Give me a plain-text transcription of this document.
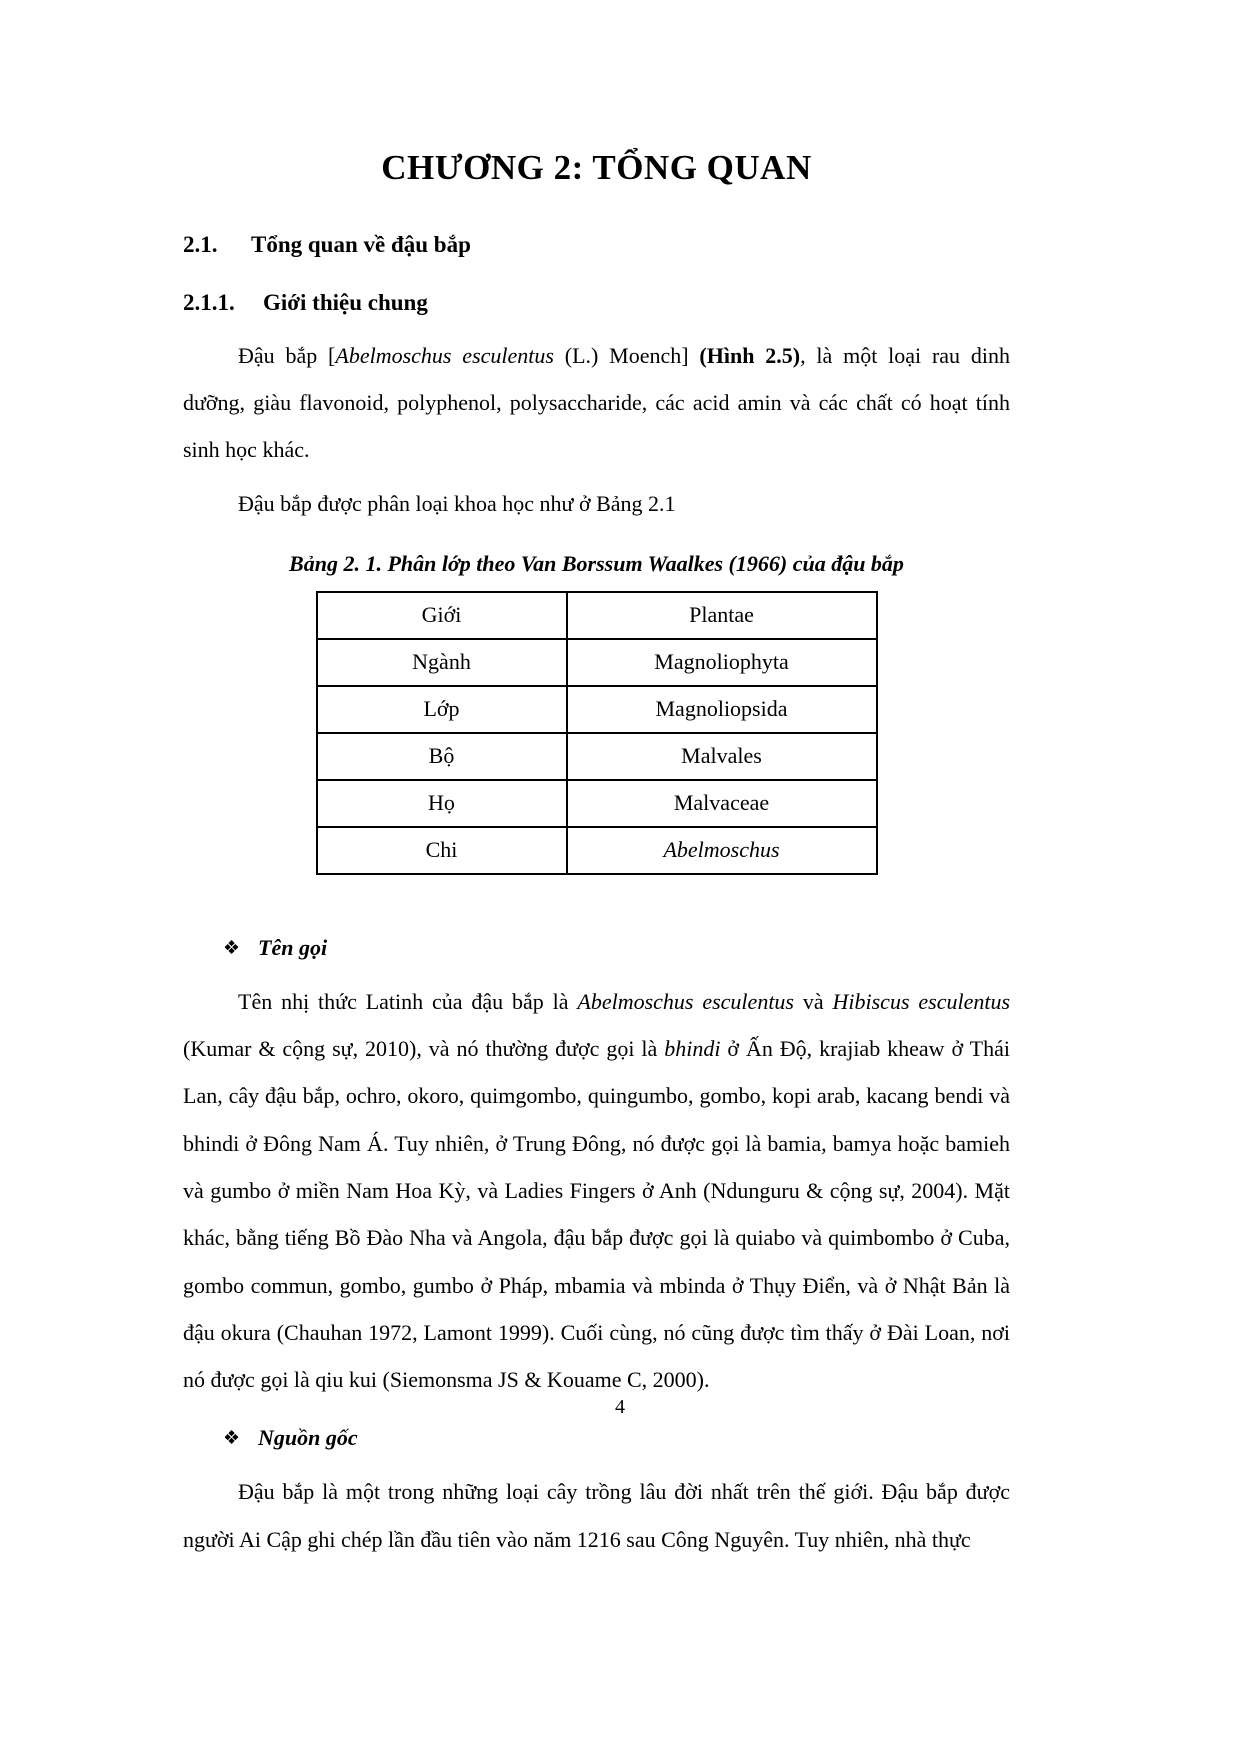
CHƯƠNG 2: TỔNG QUAN
2.1.	Tổng quan về đậu bắp
2.1.1.	Giới thiệu chung

Đậu bắp [Abelmoschus esculentus (L.) Moench] (Hình 2.5), là một loại rau dinh dưỡng, giàu flavonoid, polyphenol, polysaccharide, các acid amin và các chất có hoạt tính sinh học khác.

Đậu bắp được phân loại khoa học như ở Bảng 2.1

Bảng 2. 1. Phân lớp theo Van Borssum Waalkes (1966) của đậu bắp
Giới	Plantae
Ngành	Magnoliophyta
Lớp	Magnoliopsida
Bộ	Malvales
Họ	Malvaceae
Chi	Abelmoschus
❖ Tên gọi

Tên nhị thức Latinh của đậu bắp là Abelmoschus esculentus và Hibiscus esculentus (Kumar & cộng sự, 2010), và nó thường được gọi là bhindi ở Ấn Độ, krajiab kheaw ở Thái Lan, cây đậu bắp, ochro, okoro, quimgombo, quingumbo, gombo, kopi arab, kacang bendi và bhindi ở Đông Nam Á. Tuy nhiên, ở Trung Đông, nó được gọi là bamia, bamya hoặc bamieh và gumbo ở miền Nam Hoa Kỳ, và Ladies Fingers ở Anh (Ndunguru & cộng sự, 2004). Mặt khác, bằng tiếng Bồ Đào Nha và Angola, đậu bắp được gọi là quiabo và quimbombo ở Cuba, gombo commun, gombo, gumbo ở Pháp, mbamia và mbinda ở Thụy Điển, và ở Nhật Bản là đậu okura (Chauhan 1972, Lamont 1999). Cuối cùng, nó cũng được tìm thấy ở Đài Loan, nơi nó được gọi là qiu kui (Siemonsma JS & Kouame C, 2000).

❖ Nguồn gốc

Đậu bắp là một trong những loại cây trồng lâu đời nhất trên thế giới. Đậu bắp được người Ai Cập ghi chép lần đầu tiên vào năm 1216 sau Công Nguyên. Tuy nhiên, nhà thực

4
